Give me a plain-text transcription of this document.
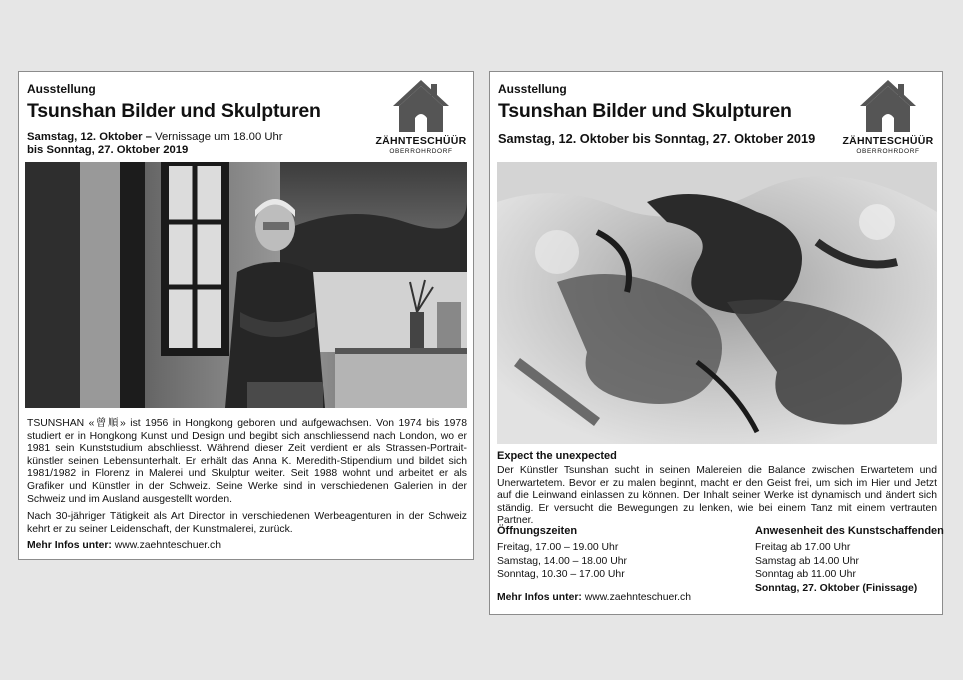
Ausstellung
Tsunshan Bilder und Skulpturen
Samstag, 12. Oktober – Vernissage um 18.00 Uhr
bis Sonntag, 27. Oktober 2019
ZÄHNTESCHÜÜR
OBERROHRDORF

TSUNSHAN «曾順» ist 1956 in Hongkong geboren und aufgewachsen. Von 1974 bis 1978 studiert er in Hongkong Kunst und Design und begibt sich anschliessend nach London, wo er 1981 sein Kunststudium abschliesst. Während dieser Zeit verdient er als Strassen-Portrait-künstler seinen Lebensunterhalt. Er erhält das Anna K. Meredith-Stipendium und bildet sich 1981/1982 in Florenz in Malerei und Skulptur weiter. Seit 1988 wohnt und arbeitet er als Grafiker und Künstler in der Schweiz. Seine Werke sind in verschiedenen Galerien in der Schweiz und im Ausland ausgestellt worden.

Nach 30-jähriger Tätigkeit als Art Director in verschiedenen Werbeagenturen in der Schweiz kehrt er zu seiner Leidenschaft, der Kunstmalerei, zurück.

Mehr Infos unter: www.zaehnteschuer.ch
Ausstellung
Tsunshan Bilder und Skulpturen
Samstag, 12. Oktober bis Sonntag, 27. Oktober 2019	ZÄHNTESCHÜÜR
OBERROHRDORF
Expect the unexpected
Der Künstler Tsunshan sucht in seinen Malereien die Balance zwischen Erwartetem und Unerwartetem. Bevor er zu malen beginnt, macht er den Geist frei, um sich im Hier und Jetzt auf die Leinwand einlassen zu können. Der Inhalt seiner Werke ist dynamisch und ändert sich ständig. Er versucht die Bewegungen zu lenken, wie bei einem Tanz mit einem vertrauten Partner.
Öffnungszeiten
Freitag, 17.00 – 19.00 Uhr
Samstag, 14.00 – 18.00 Uhr
Sonntag, 10.30 – 17.00 Uhr
Anwesenheit des Kunstschaffenden
Freitag ab 17.00 Uhr
Samstag ab 14.00 Uhr
Sonntag ab 11.00 Uhr
Sonntag, 27. Oktober (Finissage)
Mehr Infos unter: www.zaehnteschuer.ch
